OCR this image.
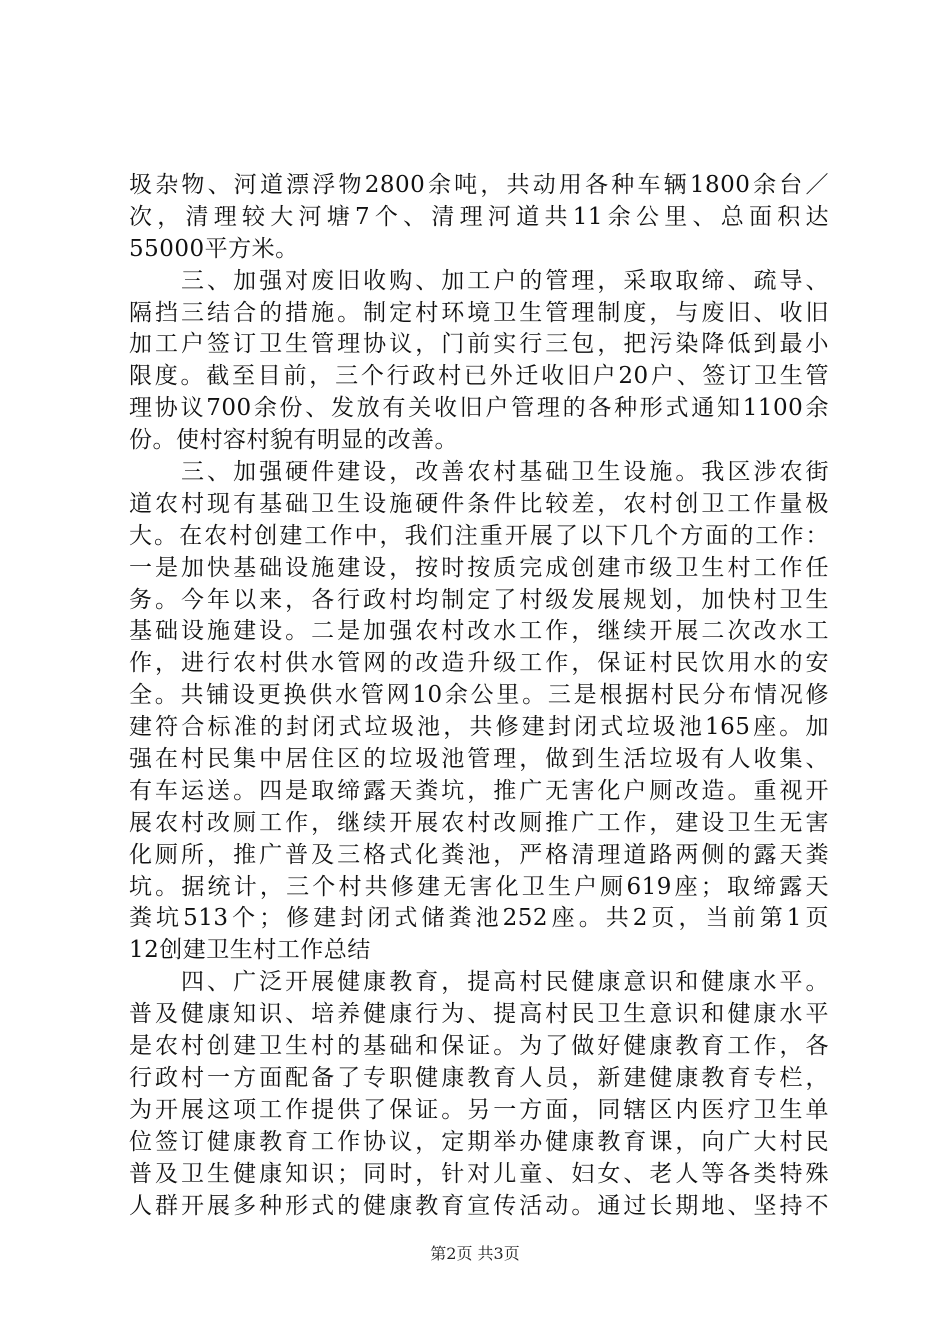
圾杂物、河道漂浮物2800余吨，共动用各种车辆1800余台／
次，清理较大河塘7个、清理河道共11余公里、总面积达
55000平方米。
　　三、加强对废旧收购、加工户的管理，采取取缔、疏导、
隔挡三结合的措施。制定村环境卫生管理制度，与废旧、收旧
加工户签订卫生管理协议，门前实行三包，把污染降低到最小
限度。截至目前，三个行政村已外迁收旧户20户、签订卫生管
理协议700余份、发放有关收旧户管理的各种形式通知1100余
份。使村容村貌有明显的改善。
　　三、加强硬件建设，改善农村基础卫生设施。我区涉农街
道农村现有基础卫生设施硬件条件比较差，农村创卫工作量极
大。在农村创建工作中，我们注重开展了以下几个方面的工作：
一是加快基础设施建设，按时按质完成创建市级卫生村工作任
务。今年以来，各行政村均制定了村级发展规划，加快村卫生
基础设施建设。二是加强农村改水工作，继续开展二次改水工
作，进行农村供水管网的改造升级工作，保证村民饮用水的安
全。共铺设更换供水管网10余公里。三是根据村民分布情况修
建符合标准的封闭式垃圾池，共修建封闭式垃圾池165座。加
强在村民集中居住区的垃圾池管理，做到生活垃圾有人收集、
有车运送。四是取缔露天粪坑，推广无害化户厕改造。重视开
展农村改厕工作，继续开展农村改厕推广工作，建设卫生无害
化厕所，推广普及三格式化粪池，严格清理道路两侧的露天粪
坑。据统计，三个村共修建无害化卫生户厕619座；取缔露天
粪坑513个；修建封闭式储粪池252座。共2页，当前第1页
12创建卫生村工作总结
　　四、广泛开展健康教育，提高村民健康意识和健康水平。
普及健康知识、培养健康行为、提高村民卫生意识和健康水平
是农村创建卫生村的基础和保证。为了做好健康教育工作，各
行政村一方面配备了专职健康教育人员，新建健康教育专栏，
为开展这项工作提供了保证。另一方面，同辖区内医疗卫生单
位签订健康教育工作协议，定期举办健康教育课，向广大村民
普及卫生健康知识；同时，针对儿童、妇女、老人等各类特殊
人群开展多种形式的健康教育宣传活动。通过长期地、坚持不
第2页 共3页
